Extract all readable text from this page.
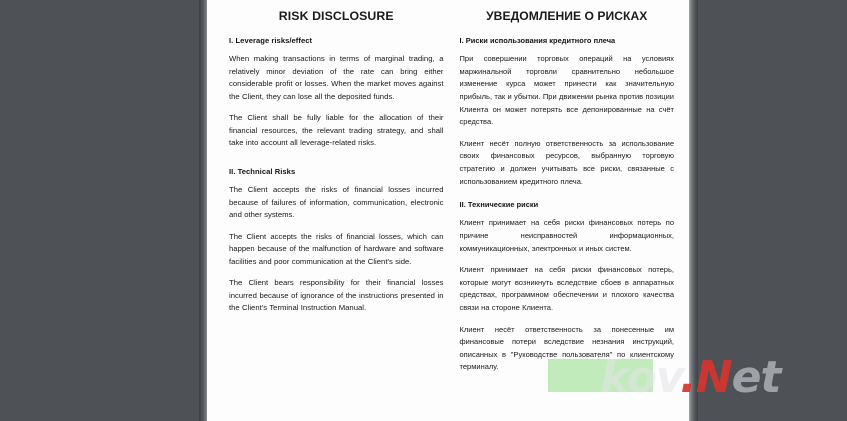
RISK DISCLOSURE
I. Leverage risks/effect

When making transactions in terms of marginal trading, a relatively minor deviation of the rate can bring either considerable profit or losses. When the market moves against the Client, they can lose all the deposited funds.

The Client shall be fully liable for the allocation of their financial resources, the relevant trading strategy, and shall take into account all leverage-related risks.

II. Technical Risks

The Client accepts the risks of financial losses incurred because of failures of information, communication, electronic and other systems.

The Client accepts the risks of financial losses, which can happen because of the malfunction of hardware and software facilities and poor communication at the Client's side.

The Client bears responsibility for their financial losses incurred because of ignorance of the instructions presented in the Client's Terminal Instruction Manual.

УВЕДОМЛЕНИЕ О РИСКАХ
I. Риски использования кредитного плеча

При совершении торговых операций на условиях маржинальной торговли сравнительно небольшое изменение курса может принести как значительную прибыль, так и убытки. При движении рынка против позиции Клиента он может потерять все депонированные на счёт средства.

Клиент несёт полную ответственность за использование своих финансовых ресурсов, выбранную торговую стратегию и должен учитывать все риски, связанные с использованием кредитного плеча.

II. Технические риски

Клиент принимает на себя риски финансовых потерь по причине неисправностей информационных, коммуникационных, электронных и иных систем.

Клиент принимает на себя риски финансовых потерь, которые могут возникнуть вследствие сбоев в аппаратных средствах, программном обеспечении и плохого качества связи на стороне Клиента.

Клиент несёт ответственность за понесенные им финансовые потери вследствие незнания инструкций, описанных в "Руководстве пользователя" по клиентскому терминалу.	kov.Net
